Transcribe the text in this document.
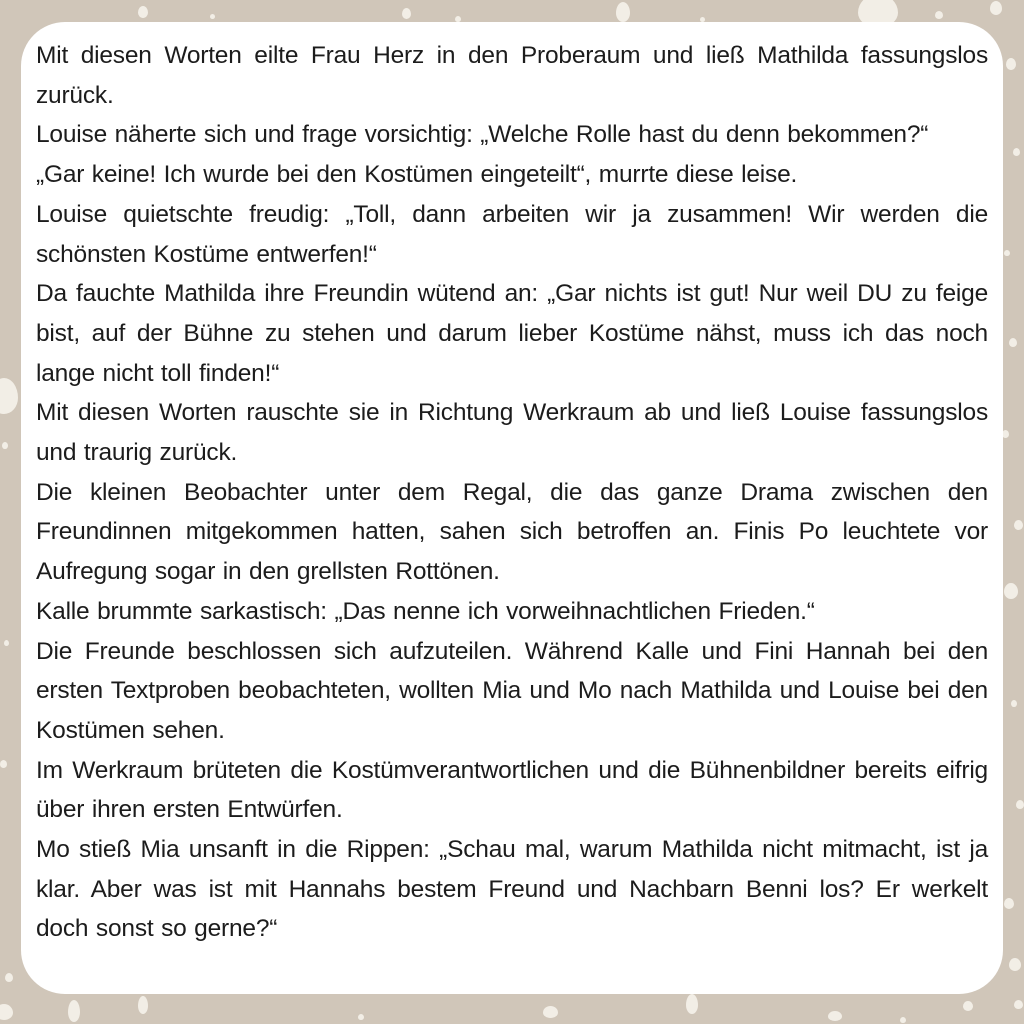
Mit diesen Worten eilte Frau Herz in den Proberaum und ließ Mathilda fassungslos zurück.

Louise näherte sich und frage vorsichtig: „Welche Rolle hast du denn bekommen?“

„Gar keine! Ich wurde bei den Kostümen eingeteilt“, murrte diese leise.

Louise quietschte freudig: „Toll, dann arbeiten wir ja zusammen! Wir werden die schönsten Kostüme entwerfen!“

Da fauchte Mathilda ihre Freundin wütend an: „Gar nichts ist gut! Nur weil DU zu feige bist, auf der Bühne zu stehen und darum lieber Kostüme nähst, muss ich das noch lange nicht toll finden!“

Mit diesen Worten rauschte sie in Richtung Werkraum ab und ließ Louise fassungslos und traurig zurück.

Die kleinen Beobachter unter dem Regal, die das ganze Drama zwischen den Freundinnen mitgekommen hatten, sahen sich betroffen an. Finis Po leuchtete vor Aufregung sogar in den grellsten Rottönen.

Kalle brummte sarkastisch: „Das nenne ich vorweihnachtlichen Frieden.“

Die Freunde beschlossen sich aufzuteilen. Während Kalle und Fini Hannah bei den ersten Textproben beobachteten, wollten Mia und Mo nach Mathilda und Louise bei den Kostümen sehen.

Im Werkraum brüteten die Kostümverantwortlichen und die Bühnenbildner bereits eifrig über ihren ersten Entwürfen.

Mo stieß Mia unsanft in die Rippen: „Schau mal, warum Mathilda nicht mitmacht, ist ja klar. Aber was ist mit Hannahs bestem Freund und Nachbarn Benni los? Er werkelt doch sonst so gerne?“
